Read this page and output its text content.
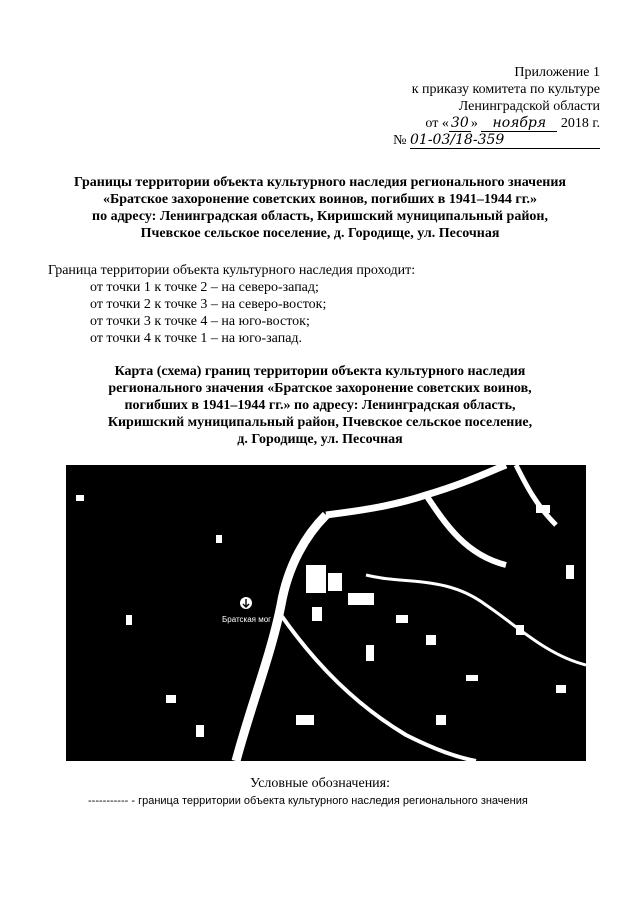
Приложение 1
к приказу комитета по культуре
Ленинградской области
от « 30 » ноября 2018 г.
№ 01-03/18-359
Границы территории объекта культурного наследия регионального значения
«Братское захоронение советских воинов, погибших в 1941–1944 гг.»
по адресу: Ленинградская область, Киришский муниципальный район,
Пчевское сельское поселение, д. Городище, ул. Песочная
Граница территории объекта культурного наследия проходит:
от точки 1 к точке 2 – на северо-запад;
от точки 2 к точке 3 – на северо-восток;
от точки 3 к точке 4 – на юго-восток;
от точки 4 к точке 1 – на юго-запад.
Карта (схема) границ территории объекта культурного наследия
регионального значения «Братское захоронение советских воинов,
погибших в 1941–1944 гг.» по адресу: Ленинградская область,
Киришский муниципальный район, Пчевское сельское поселение,
д. Городище, ул. Песочная
Братская мог
Условные обозначения:
----------- - граница территории объекта культурного наследия регионального значения
